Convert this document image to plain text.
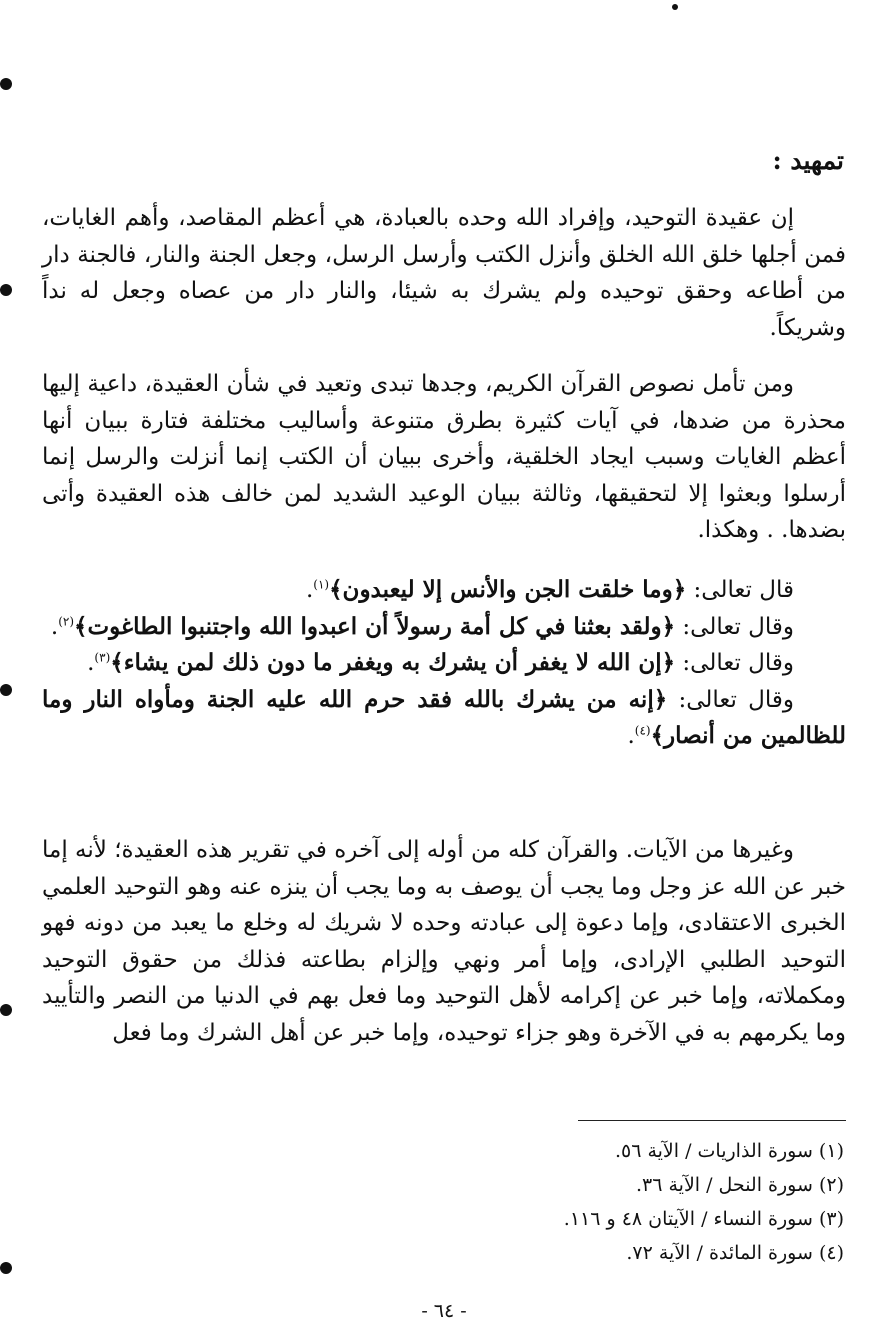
تمهيد :

إن عقيدة التوحيد، وإفراد الله وحده بالعبادة، هي أعظم المقاصد، وأهم الغايات، فمن أجلها خلق الله الخلق وأنزل الكتب وأرسل الرسل، وجعل الجنة والنار، فالجنة دار من أطاعه وحقق توحيده ولم يشرك به شيئا، والنار دار من عصاه وجعل له نداً وشريكاً.

ومن تأمل نصوص القرآن الكريم، وجدها تبدى وتعيد في شأن العقيدة، داعية إليها محذرة من ضدها، في آيات كثيرة بطرق متنوعة وأساليب مختلفة فتارة ببيان أنها أعظم الغايات وسبب ايجاد الخلقية، وأخرى ببيان أن الكتب إنما أنزلت والرسل إنما أرسلوا وبعثوا إلا لتحقيقها، وثالثة ببيان الوعيد الشديد لمن خالف هذه العقيدة وأتى بضدها. . وهكذا.

قال تعالى: ﴿وما خلقت الجن والأنس إلا ليعبدون﴾$^{(١)}$.

وقال تعالى: ﴿ولقد بعثنا في كل أمة رسولاً أن اعبدوا الله واجتنبوا الطاغوت﴾$^{(٢)}$.

وقال تعالى: ﴿إن الله لا يغفر أن يشرك به ويغفر ما دون ذلك لمن يشاء﴾$^{(٣)}$.

وقال تعالى: ﴿إنه من يشرك بالله فقد حرم الله عليه الجنة ومأواه النار وما للظالمين من أنصار﴾$^{(٤)}$.

وغيرها من الآيات. والقرآن كله من أوله إلى آخره في تقرير هذه العقيدة؛ لأنه إما خبر عن الله عز وجل وما يجب أن يوصف به وما يجب أن ينزه عنه وهو التوحيد العلمي الخبرى الاعتقادى، وإما دعوة إلى عبادته وحده لا شريك له وخلع ما يعبد من دونه فهو التوحيد الطلبي الإرادى، وإما أمر ونهي وإلزام بطاعته فذلك من حقوق التوحيد ومكملاته، وإما خبر عن إكرامه لأهل التوحيد وما فعل بهم في الدنيا من النصر والتأييد وما يكرمهم به في الآخرة وهو جزاء توحيده، وإما خبر عن أهل الشرك وما فعل

(١) سورة الذاريات / الآية ٥٦.
(٢) سورة النحل / الآية ٣٦.
(٣) سورة النساء / الآيتان ٤٨ و ١١٦.
(٤) سورة المائدة / الآية ٧٢.
- ٦٤ -
